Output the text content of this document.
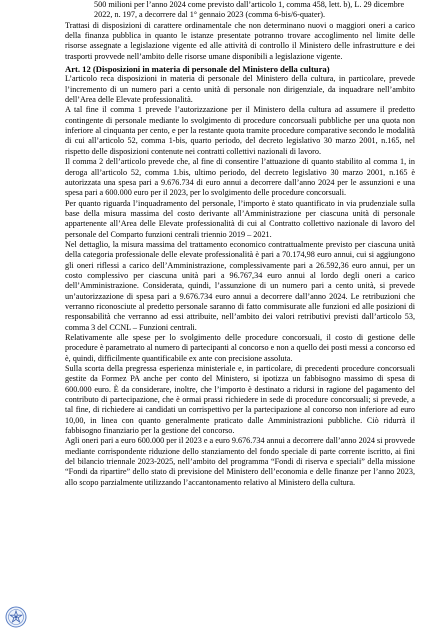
500 milioni per l’anno 2024 come previsto dall’articolo 1, comma 458, lett. b), L. 29 dicembre

2022, n. 197, a decorrere dal 1° gennaio 2023 (comma 6-bis/6-quater).

Trattasi di disposizioni di carattere ordinamentale che non determinano nuovi o maggiori oneri a carico della finanza pubblica in quanto le istanze presentate potranno trovare accoglimento nel limite delle risorse assegnate a legislazione vigente ed alle attività di controllo il Ministero delle infrastrutture e dei trasporti provvede nell’ambito delle risorse umane disponibili a legislazione vigente.

Art. 12 (Disposizioni in materia di personale del Ministero della cultura)

L’articolo reca disposizioni in materia di personale del Ministero della cultura, in particolare, prevede l’incremento di un numero pari a cento unità di personale non dirigenziale, da inquadrare nell’ambito dell’Area delle Elevate professionalità.

A tal fine il comma 1 prevede l’autorizzazione per il Ministero della cultura ad assumere il predetto contingente di personale mediante lo svolgimento di procedure concorsuali pubbliche per una quota non inferiore al cinquanta per cento, e per la restante quota tramite procedure comparative secondo le modalità di cui all’articolo 52, comma 1-bis, quarto periodo, del decreto legislativo 30 marzo 2001, n.165, nel rispetto delle disposizioni contenute nei contratti collettivi nazionali di lavoro.

Il comma 2 dell’articolo prevede che, al fine di consentire l’attuazione di quanto stabilito al comma 1, in deroga all’articolo 52, comma 1.bis, ultimo periodo, del decreto legislativo 30 marzo 2001, n.165 è autorizzata una spesa pari a 9.676.734 di euro annui a decorrere dall’anno 2024 per le assunzioni e una spesa pari a 600.000 euro per il 2023, per lo svolgimento delle procedure concorsuali.

Per quanto riguarda l’inquadramento del personale, l’importo è stato quantificato in via prudenziale sulla base della misura massima del costo derivante all’Amministrazione per ciascuna unità di personale appartenente all’Area delle Elevate professionalità di cui al Contratto collettivo nazionale di lavoro del personale del Comparto funzioni centrali triennio 2019 – 2021.

Nel dettaglio, la misura massima del trattamento economico contrattualmente previsto per ciascuna unità della categoria professionale delle elevate professionalità è pari a 70.174,98 euro annui, cui si aggiungono gli oneri riflessi a carico dell’Amministrazione, complessivamente pari a 26.592,36 euro annui, per un costo complessivo per ciascuna unità pari a 96.767,34 euro annui al lordo degli oneri a carico dell’Amministrazione. Considerata, quindi, l’assunzione di un numero pari a cento unità, si prevede un’autorizzazione di spesa pari a 9.676.734 euro annui a decorrere dall’anno 2024. Le retribuzioni che verranno riconosciute al predetto personale saranno di fatto commisurate alle funzioni ed alle posizioni di responsabilità che verranno ad essi attribuite, nell’ambito dei valori retributivi previsti dall’articolo 53, comma 3 del CCNL – Funzioni centrali.

Relativamente alle spese per lo svolgimento delle procedure concorsuali, il costo di gestione delle procedure è parametrato al numero di partecipanti al concorso e non a quello dei posti messi a concorso ed è, quindi, difficilmente quantificabile ex ante con precisione assoluta.

Sulla scorta della pregressa esperienza ministeriale e, in particolare, di precedenti procedure concorsuali gestite da Formez PA anche per conto del Ministero, si ipotizza un fabbisogno massimo di spesa di 600.000 euro. È da considerare, inoltre, che l’importo è destinato a ridursi in ragione del pagamento del contributo di partecipazione, che è ormai prassi richiedere in sede di procedure concorsuali; si prevede, a tal fine, di richiedere ai candidati un corrispettivo per la partecipazione al concorso non inferiore ad euro 10,00, in linea con quanto generalmente praticato dalle Amministrazioni pubbliche. Ciò ridurrà il fabbisogno finanziario per la gestione del concorso.

Agli oneri pari a euro 600.000 per il 2023 e a euro 9.676.734 annui a decorrere dall’anno 2024 si provvede mediante corrispondente riduzione dello stanziamento del fondo speciale di parte corrente iscritto, ai fini del bilancio triennale 2023-2025, nell’ambito del programma “Fondi di riserva e speciali” della missione “Fondi da ripartire” dello stato di previsione del Ministero dell’economia e delle finanze per l’anno 2023, allo scopo parzialmente utilizzando l’accantonamento relativo al Ministero della cultura.
